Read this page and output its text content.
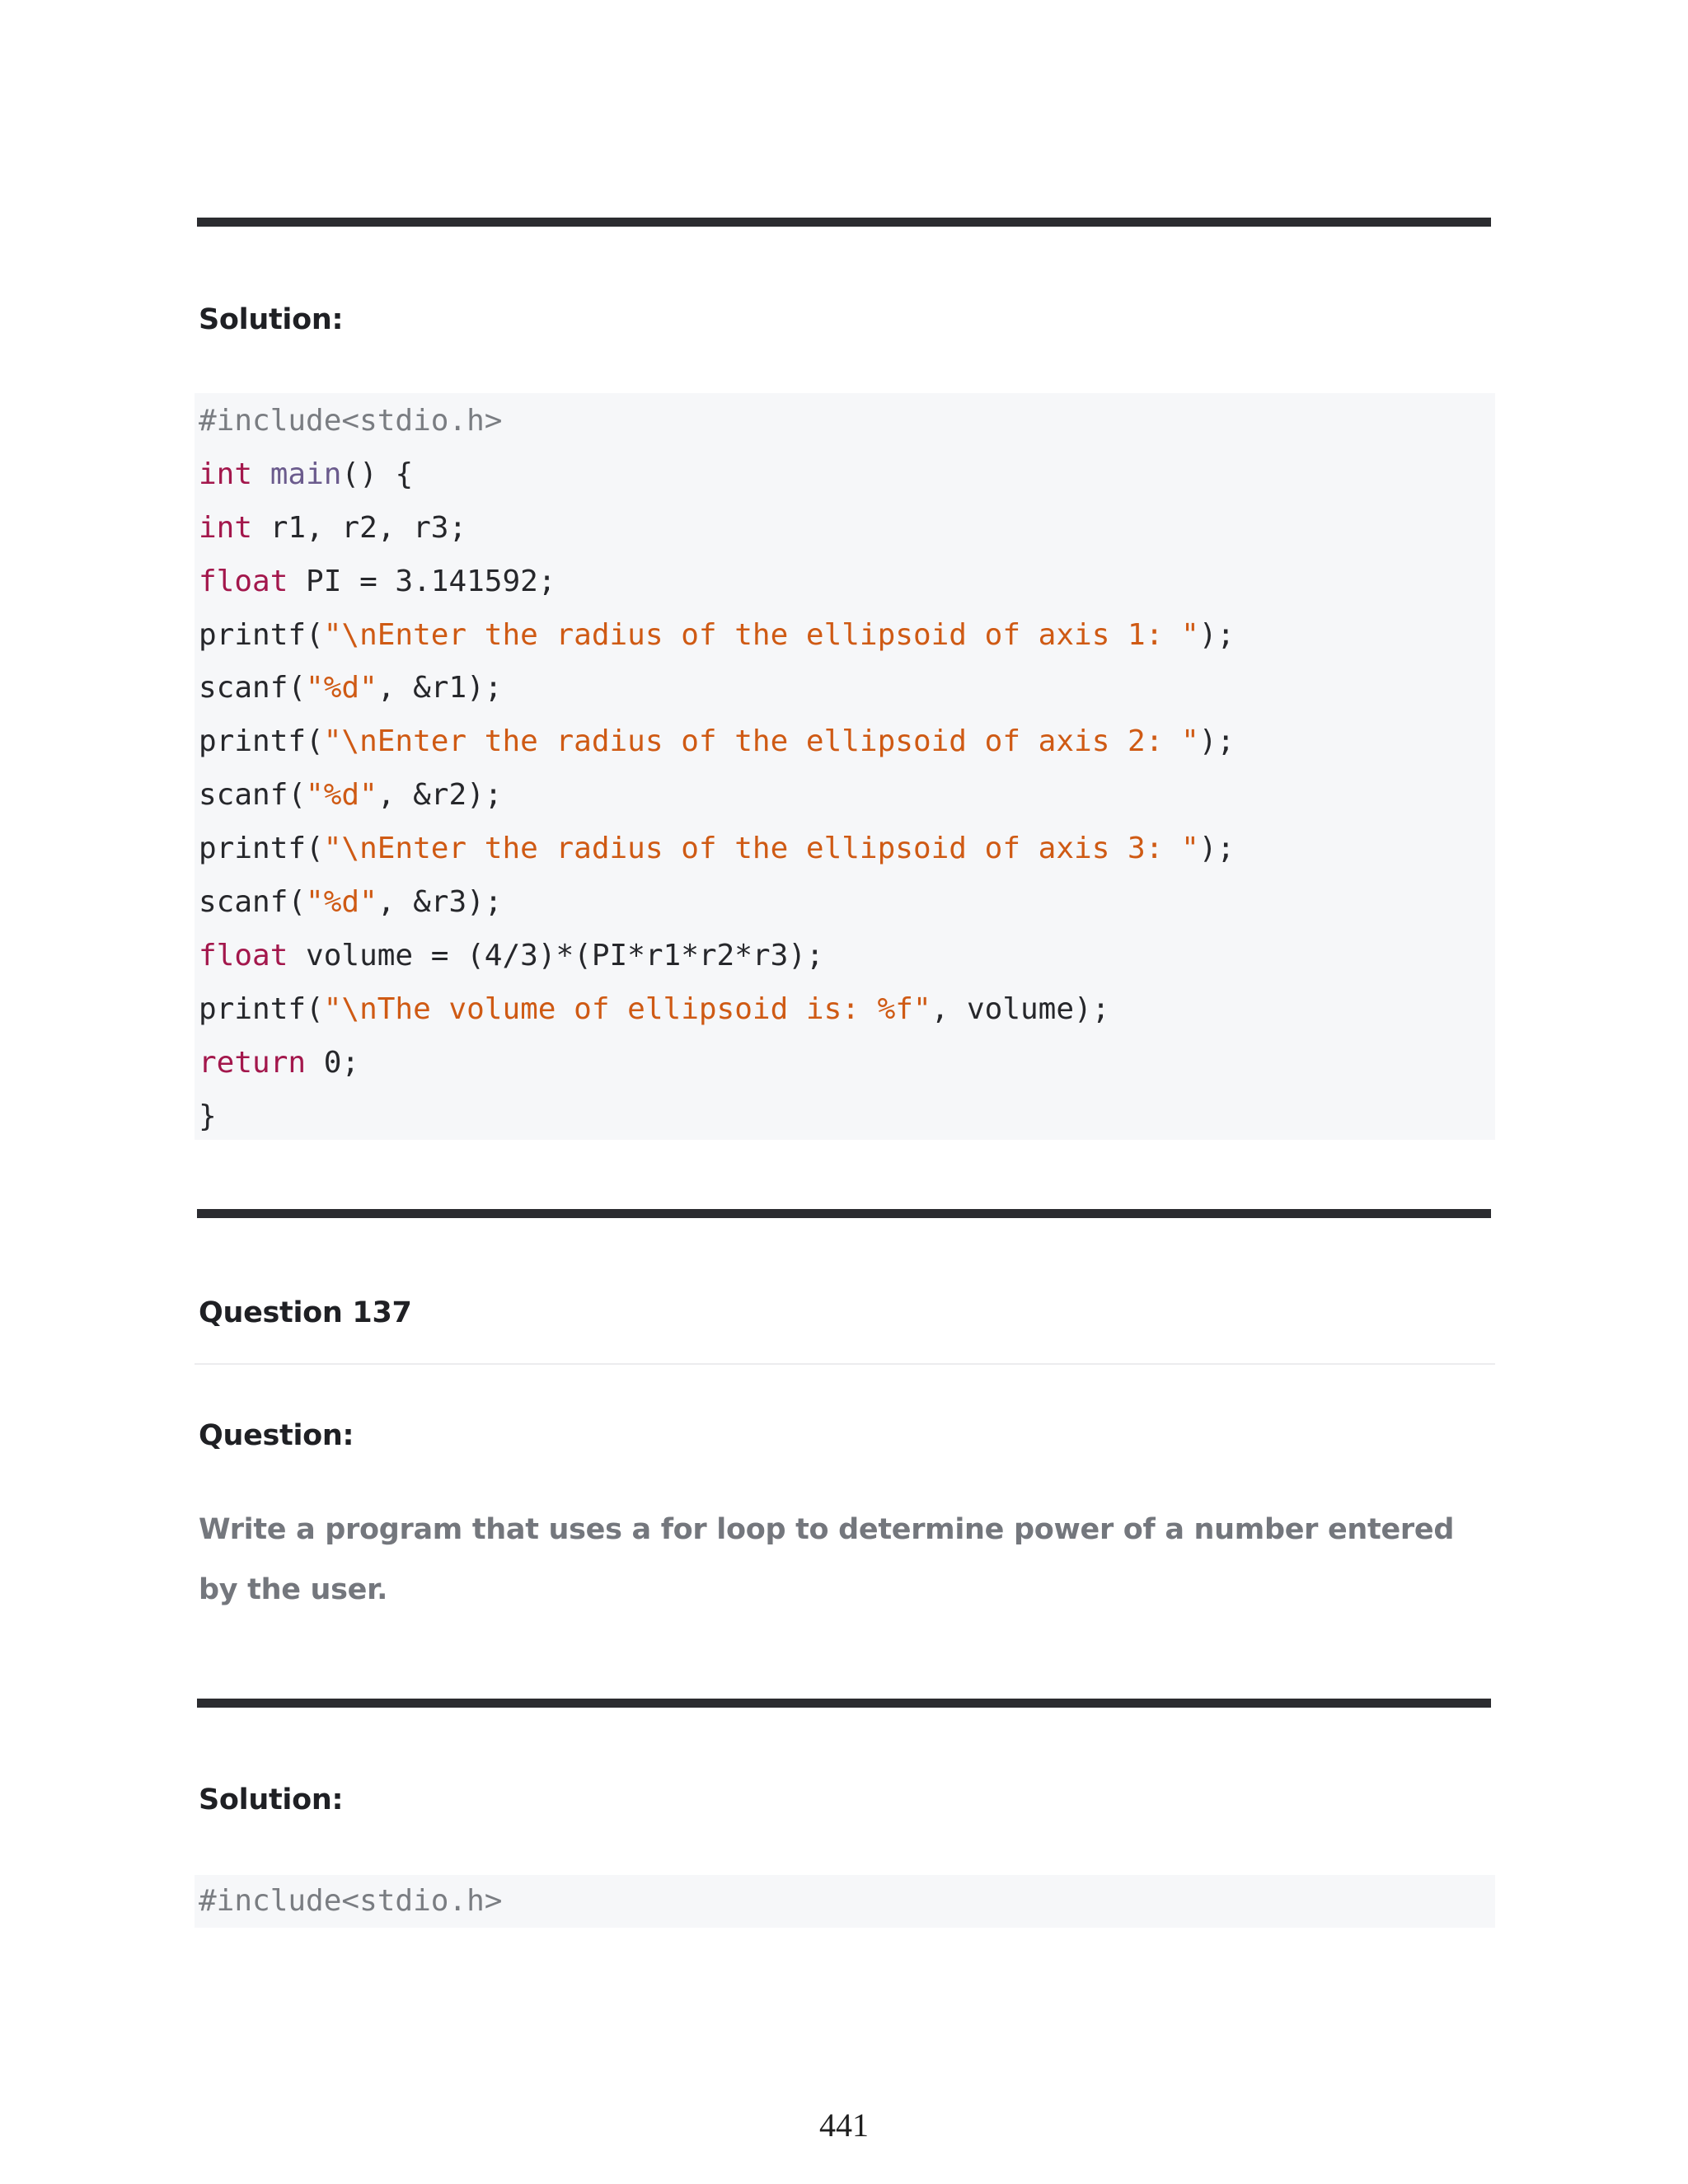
Solution:
#include<stdio.h>
int main() {
int r1, r2, r3;
float PI = 3.141592;
printf("\nEnter the radius of the ellipsoid of axis 1: ");
scanf("%d", &r1);
printf("\nEnter the radius of the ellipsoid of axis 2: ");
scanf("%d", &r2);
printf("\nEnter the radius of the ellipsoid of axis 3: ");
scanf("%d", &r3);
float volume = (4/3)*(PI*r1*r2*r3);
printf("\nThe volume of ellipsoid is: %f", volume);
return 0;
}
Question 137
Question:

Write a program that uses a for loop to determine power of a number entered by the user.

Solution:
#include<stdio.h>
441
